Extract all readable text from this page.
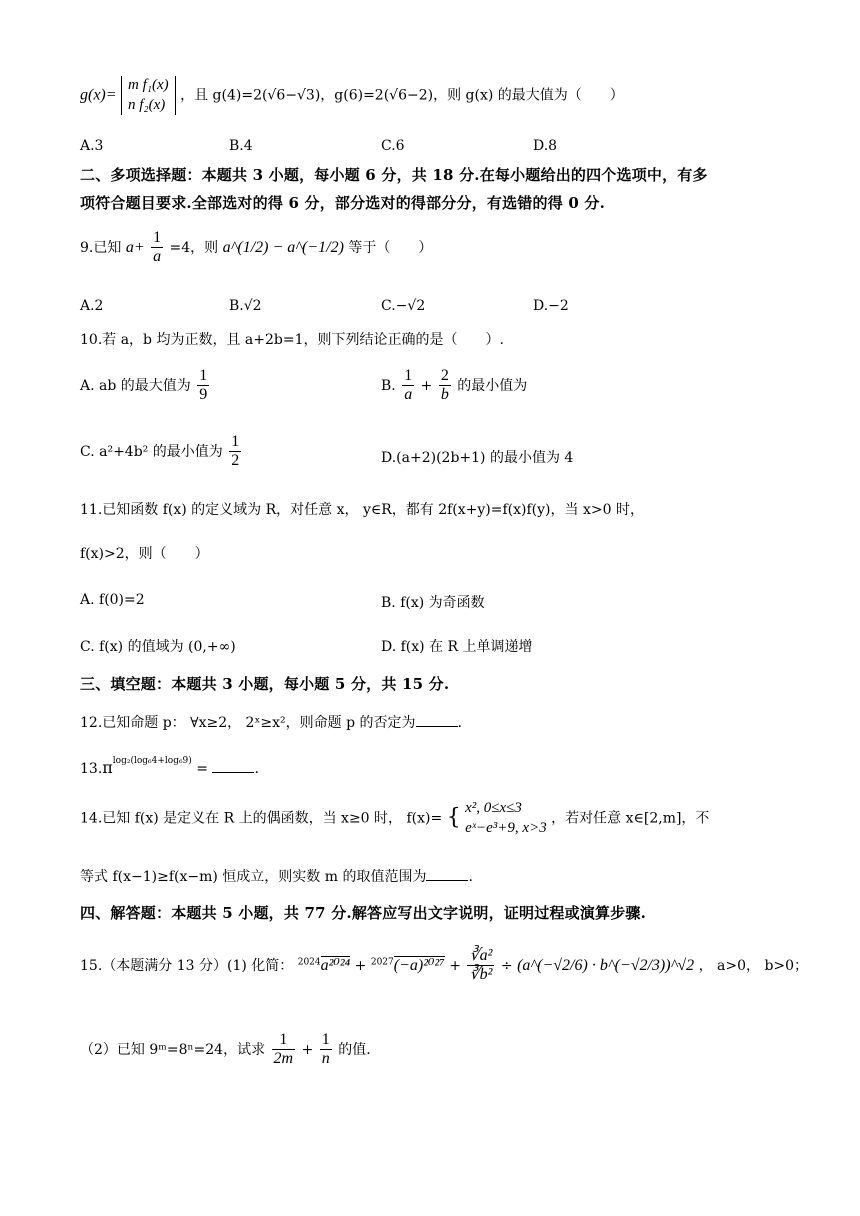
g(x)=
m f₁(x)
n f₂(x)
，且 g(4)=2(√6−√3)，g(6)=2(√6−2)，则 g(x) 的最大值为（　　）
A.3	B.4	C.6	D.8
二、多项选择题：本题共 3 小题，每小题 6 分，共 18 分.在每小题给出的四个选项中，有多
项符合题目要求.全部选对的得 6 分，部分选对的得部分分，有选错的得 0 分.
9.已知 $a+ \frac{1}{a} =4$，则 a^(1/2) − a^(−1/2) 等于（　　）
A.2	B.√2	C.−√2	D.−2
10.若 a，b 均为正数，且 a+2b=1，则下列结论正确的是（　　）.
A. ab 的最大值为 $\frac{1}{9}$	B. $\frac{1}{a} + \frac{2}{b}$ 的最小值为
C. a²+4b² 的最小值为 $\frac{1}{2}$	D.(a+2)(2b+1) 的最小值为 4
11.已知函数 f(x) 的定义域为 R，对任意 x， y∈R，都有 2f(x+y)=f(x)f(y)，当 x>0 时，
f(x)>2，则（　　）
A. f(0)=2	B. f(x) 为奇函数
C. f(x) 的值域为 (0,+∞)	D. f(x) 在 R 上单调递增
三、填空题：本题共 3 小题，每小题 5 分，共 15 分.
12.已知命题 p： ∀x≥2， 2ˣ≥x²，则命题 p 的否定为	.
$13.\pi^{log_2(log_64+log_69)}$ =	.
14.已知 f(x) 是定义在 R 上的偶函数，当 x≥0 时， f(x)= { x², 0≤x≤3
eˣ−e³+9, x>3
，若对任意 x∈[2,m]，不
等式 f(x−1)≥f(x−m) 恒成立，则实数 m 的取值范围为	.
四、解答题：本题共 5 小题，共 77 分.解答应写出文字说明，证明过程或演算步骤.
15.（本题满分 13 分）(1) 化简： $^{2024}a^{2024} + ^{2027}(-a)^{2027} + \frac{\text{∛a²}}{\text{∛b²}}$ ÷ (a^(−√2/6) · b^(−√2/3))^√2 ， a>0， b>0；
（2）已知 9ᵐ=8ⁿ=24，试求 $\frac{1}{2m} + \frac{1}{n}$ 的值.
